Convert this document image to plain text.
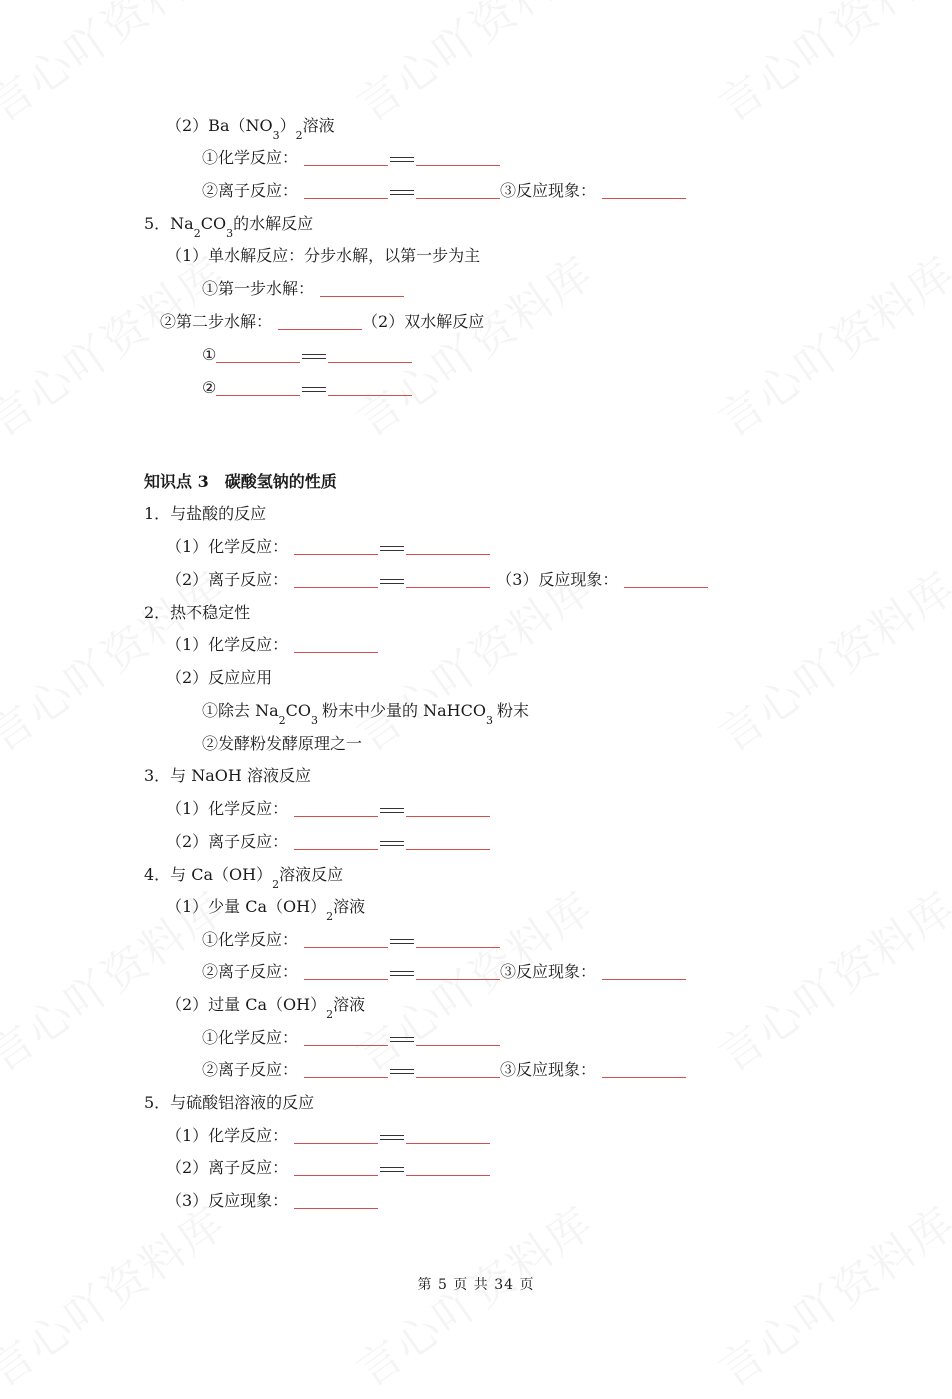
（2）Ba（NO
3
）
2
溶液
①化学反应：
②离子反应：	③反应现象：
5．Na
2
CO
3
的水解反应
（1）单水解反应：分步水解，以第一步为主
①第一步水解：
②第二步水解：	（2）双水解反应
①
②
知识点 3　碳酸氢钠的性质
1．与盐酸的反应
（1）化学反应：
（2）离子反应：	（3）反应现象：
2．热不稳定性
（1）化学反应：
（2）反应应用
①除去 Na
2
CO
3
粉末中少量的 NaHCO
3
粉末
②发酵粉发酵原理之一
3．与 NaOH 溶液反应
（1）化学反应：
（2）离子反应：
4．与 Ca（OH）
2
溶液反应
（1）少量 Ca（OH）
2
溶液
①化学反应：
②离子反应：	③反应现象：
（2）过量 Ca（OH）
2
溶液
①化学反应：
②离子反应：	③反应现象：
5．与硫酸铝溶液的反应
（1）化学反应：
（2）离子反应：
（3）反应现象：
第 5 页 共 34 页
